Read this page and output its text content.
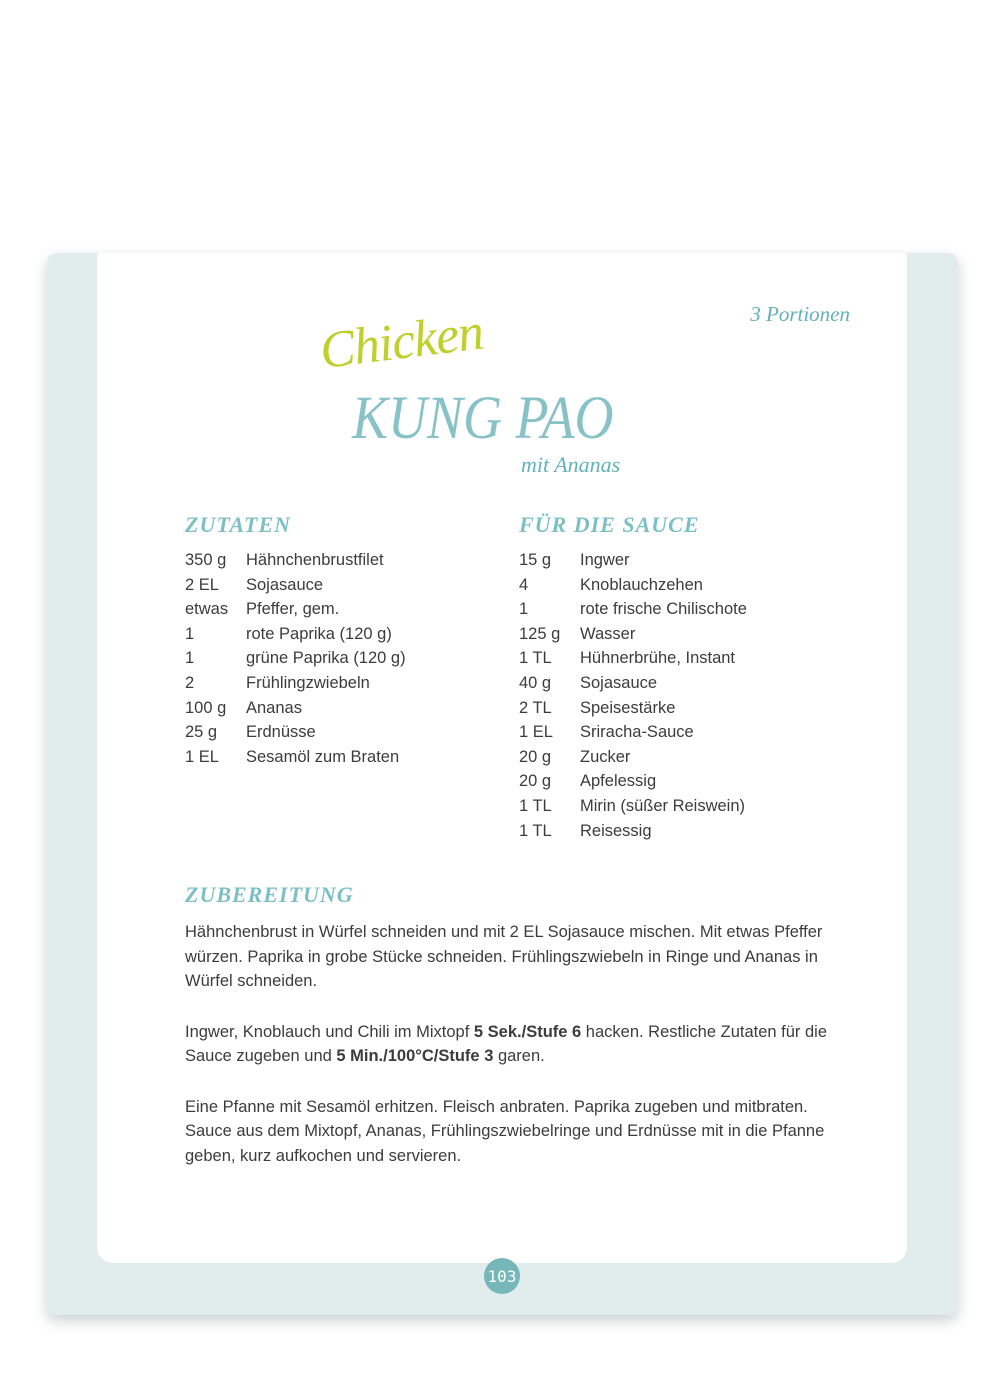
3 Portionen
Chicken
KUNG PAO
mit Ananas
ZUTATEN
350 g	Hähnchenbrustfilet
2 EL	Sojasauce
etwas	Pfeffer, gem.
1	rote Paprika (120 g)
1	grüne Paprika (120 g)
2	Frühlingzwiebeln
100 g	Ananas
25 g	Erdnüsse
1 EL	Sesamöl zum Braten
FÜR DIE SAUCE
15 g	Ingwer
4	Knoblauchzehen
1	rote frische Chilischote
125 g	Wasser
1 TL	Hühnerbrühe, Instant
40 g	Sojasauce
2 TL	Speisestärke
1 EL	Sriracha-Sauce
20 g	Zucker
20 g	Apfelessig
1 TL	Mirin (süßer Reiswein)
1 TL	Reisessig
ZUBEREITUNG

Hähnchenbrust in Würfel schneiden und mit 2 EL Sojasauce mischen. Mit etwas Pfeffer würzen. Paprika in grobe Stücke schneiden. Frühlingszwiebeln in Ringe und Ananas in Würfel schneiden.

Ingwer, Knoblauch und Chili im Mixtopf 5 Sek./Stufe 6 hacken. Restliche Zutaten für die Sauce zugeben und 5 Min./100°C/Stufe 3 garen.

Eine Pfanne mit Sesamöl erhitzen. Fleisch anbraten. Paprika zugeben und mitbraten. Sauce aus dem Mixtopf, Ananas, Frühlingszwiebelringe und Erdnüsse mit in die Pfanne geben, kurz aufkochen und servieren.

103
